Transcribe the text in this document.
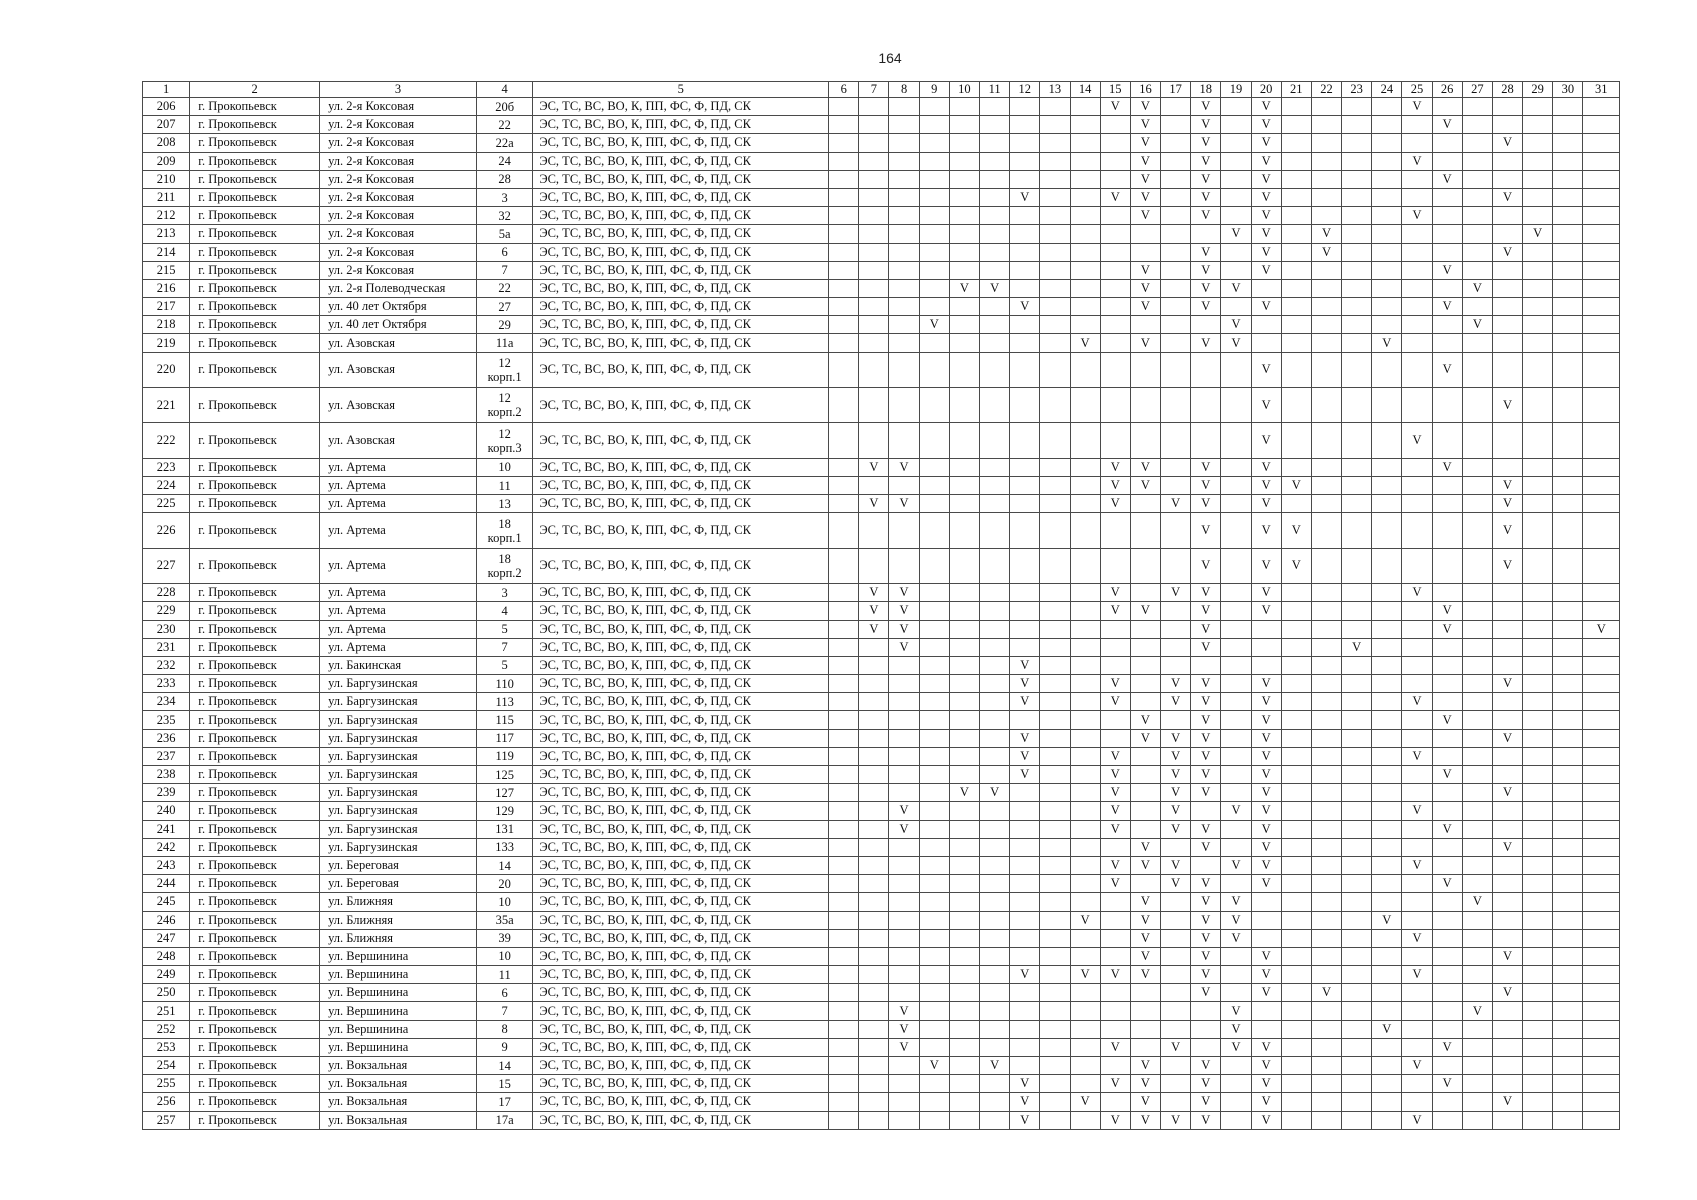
164
1	2	3	4	5	6	7	8	9	10	11	12	13	14	15	16	17	18	19	20	21	22	23	24	25	26	27	28	29	30	31
206	г. Прокопьевск	ул. 2-я Коксовая	20б	ЭС, ТС, ВС, ВО, К, ПП, ФС, Ф, ПД, СК										V	V		V		V					V						
207	г. Прокопьевск	ул. 2-я Коксовая	22	ЭС, ТС, ВС, ВО, К, ПП, ФС, Ф, ПД, СК											V		V		V						V					
208	г. Прокопьевск	ул. 2-я Коксовая	22а	ЭС, ТС, ВС, ВО, К, ПП, ФС, Ф, ПД, СК											V		V		V								V			
209	г. Прокопьевск	ул. 2-я Коксовая	24	ЭС, ТС, ВС, ВО, К, ПП, ФС, Ф, ПД, СК											V		V		V					V						
210	г. Прокопьевск	ул. 2-я Коксовая	28	ЭС, ТС, ВС, ВО, К, ПП, ФС, Ф, ПД, СК											V		V		V						V					
211	г. Прокопьевск	ул. 2-я Коксовая	3	ЭС, ТС, ВС, ВО, К, ПП, ФС, Ф, ПД, СК							V			V	V		V		V								V			
212	г. Прокопьевск	ул. 2-я Коксовая	32	ЭС, ТС, ВС, ВО, К, ПП, ФС, Ф, ПД, СК											V		V		V					V						
213	г. Прокопьевск	ул. 2-я Коксовая	5а	ЭС, ТС, ВС, ВО, К, ПП, ФС, Ф, ПД, СК														V	V		V							V		
214	г. Прокопьевск	ул. 2-я Коксовая	6	ЭС, ТС, ВС, ВО, К, ПП, ФС, Ф, ПД, СК													V		V		V						V			
215	г. Прокопьевск	ул. 2-я Коксовая	7	ЭС, ТС, ВС, ВО, К, ПП, ФС, Ф, ПД, СК											V		V		V						V					
216	г. Прокопьевск	ул. 2-я Полеводческая	22	ЭС, ТС, ВС, ВО, К, ПП, ФС, Ф, ПД, СК					V	V					V		V	V								V				
217	г. Прокопьевск	ул. 40 лет Октября	27	ЭС, ТС, ВС, ВО, К, ПП, ФС, Ф, ПД, СК							V				V		V		V						V					
218	г. Прокопьевск	ул. 40 лет Октября	29	ЭС, ТС, ВС, ВО, К, ПП, ФС, Ф, ПД, СК				V										V								V				
219	г. Прокопьевск	ул. Азовская	11а	ЭС, ТС, ВС, ВО, К, ПП, ФС, Ф, ПД, СК									V		V		V	V					V							
220	г. Прокопьевск	ул. Азовская	12
корп.1	ЭС, ТС, ВС, ВО, К, ПП, ФС, Ф, ПД, СК															V						V					
221	г. Прокопьевск	ул. Азовская	12
корп.2	ЭС, ТС, ВС, ВО, К, ПП, ФС, Ф, ПД, СК															V								V			
222	г. Прокопьевск	ул. Азовская	12
корп.3	ЭС, ТС, ВС, ВО, К, ПП, ФС, Ф, ПД, СК															V					V						
223	г. Прокопьевск	ул. Артема	10	ЭС, ТС, ВС, ВО, К, ПП, ФС, Ф, ПД, СК		V	V							V	V		V		V						V					
224	г. Прокопьевск	ул. Артема	11	ЭС, ТС, ВС, ВО, К, ПП, ФС, Ф, ПД, СК										V	V		V		V	V							V			
225	г. Прокопьевск	ул. Артема	13	ЭС, ТС, ВС, ВО, К, ПП, ФС, Ф, ПД, СК		V	V							V		V	V		V								V			
226	г. Прокопьевск	ул. Артема	18
корп.1	ЭС, ТС, ВС, ВО, К, ПП, ФС, Ф, ПД, СК													V		V	V							V			
227	г. Прокопьевск	ул. Артема	18
корп.2	ЭС, ТС, ВС, ВО, К, ПП, ФС, Ф, ПД, СК													V		V	V							V			
228	г. Прокопьевск	ул. Артема	3	ЭС, ТС, ВС, ВО, К, ПП, ФС, Ф, ПД, СК		V	V							V		V	V		V					V						
229	г. Прокопьевск	ул. Артема	4	ЭС, ТС, ВС, ВО, К, ПП, ФС, Ф, ПД, СК		V	V							V	V		V		V						V					
230	г. Прокопьевск	ул. Артема	5	ЭС, ТС, ВС, ВО, К, ПП, ФС, Ф, ПД, СК		V	V										V								V					V
231	г. Прокопьевск	ул. Артема	7	ЭС, ТС, ВС, ВО, К, ПП, ФС, Ф, ПД, СК			V										V					V								
232	г. Прокопьевск	ул. Бакинская	5	ЭС, ТС, ВС, ВО, К, ПП, ФС, Ф, ПД, СК							V																			
233	г. Прокопьевск	ул. Баргузинская	110	ЭС, ТС, ВС, ВО, К, ПП, ФС, Ф, ПД, СК							V			V		V	V		V								V			
234	г. Прокопьевск	ул. Баргузинская	113	ЭС, ТС, ВС, ВО, К, ПП, ФС, Ф, ПД, СК							V			V		V	V		V					V						
235	г. Прокопьевск	ул. Баргузинская	115	ЭС, ТС, ВС, ВО, К, ПП, ФС, Ф, ПД, СК											V		V		V						V					
236	г. Прокопьевск	ул. Баргузинская	117	ЭС, ТС, ВС, ВО, К, ПП, ФС, Ф, ПД, СК							V				V	V	V		V								V			
237	г. Прокопьевск	ул. Баргузинская	119	ЭС, ТС, ВС, ВО, К, ПП, ФС, Ф, ПД, СК							V			V		V	V		V					V						
238	г. Прокопьевск	ул. Баргузинская	125	ЭС, ТС, ВС, ВО, К, ПП, ФС, Ф, ПД, СК							V			V		V	V		V						V					
239	г. Прокопьевск	ул. Баргузинская	127	ЭС, ТС, ВС, ВО, К, ПП, ФС, Ф, ПД, СК					V	V				V		V	V		V								V			
240	г. Прокопьевск	ул. Баргузинская	129	ЭС, ТС, ВС, ВО, К, ПП, ФС, Ф, ПД, СК			V							V		V		V	V					V						
241	г. Прокопьевск	ул. Баргузинская	131	ЭС, ТС, ВС, ВО, К, ПП, ФС, Ф, ПД, СК			V							V		V	V		V						V					
242	г. Прокопьевск	ул. Баргузинская	133	ЭС, ТС, ВС, ВО, К, ПП, ФС, Ф, ПД, СК											V		V		V								V			
243	г. Прокопьевск	ул. Береговая	14	ЭС, ТС, ВС, ВО, К, ПП, ФС, Ф, ПД, СК										V	V	V		V	V					V						
244	г. Прокопьевск	ул. Береговая	20	ЭС, ТС, ВС, ВО, К, ПП, ФС, Ф, ПД, СК										V		V	V		V						V					
245	г. Прокопьевск	ул. Ближняя	10	ЭС, ТС, ВС, ВО, К, ПП, ФС, Ф, ПД, СК											V		V	V								V				
246	г. Прокопьевск	ул. Ближняя	35а	ЭС, ТС, ВС, ВО, К, ПП, ФС, Ф, ПД, СК									V		V		V	V					V							
247	г. Прокопьевск	ул. Ближняя	39	ЭС, ТС, ВС, ВО, К, ПП, ФС, Ф, ПД, СК											V		V	V						V						
248	г. Прокопьевск	ул. Вершинина	10	ЭС, ТС, ВС, ВО, К, ПП, ФС, Ф, ПД, СК											V		V		V								V			
249	г. Прокопьевск	ул. Вершинина	11	ЭС, ТС, ВС, ВО, К, ПП, ФС, Ф, ПД, СК							V		V	V	V		V		V					V						
250	г. Прокопьевск	ул. Вершинина	6	ЭС, ТС, ВС, ВО, К, ПП, ФС, Ф, ПД, СК													V		V		V						V			
251	г. Прокопьевск	ул. Вершинина	7	ЭС, ТС, ВС, ВО, К, ПП, ФС, Ф, ПД, СК			V											V								V				
252	г. Прокопьевск	ул. Вершинина	8	ЭС, ТС, ВС, ВО, К, ПП, ФС, Ф, ПД, СК			V											V					V							
253	г. Прокопьевск	ул. Вершинина	9	ЭС, ТС, ВС, ВО, К, ПП, ФС, Ф, ПД, СК			V							V		V		V	V						V					
254	г. Прокопьевск	ул. Вокзальная	14	ЭС, ТС, ВС, ВО, К, ПП, ФС, Ф, ПД, СК				V		V					V		V		V					V						
255	г. Прокопьевск	ул. Вокзальная	15	ЭС, ТС, ВС, ВО, К, ПП, ФС, Ф, ПД, СК							V			V	V		V		V						V					
256	г. Прокопьевск	ул. Вокзальная	17	ЭС, ТС, ВС, ВО, К, ПП, ФС, Ф, ПД, СК							V		V		V		V		V								V			
257	г. Прокопьевск	ул. Вокзальная	17а	ЭС, ТС, ВС, ВО, К, ПП, ФС, Ф, ПД, СК							V			V	V	V	V		V					V						
